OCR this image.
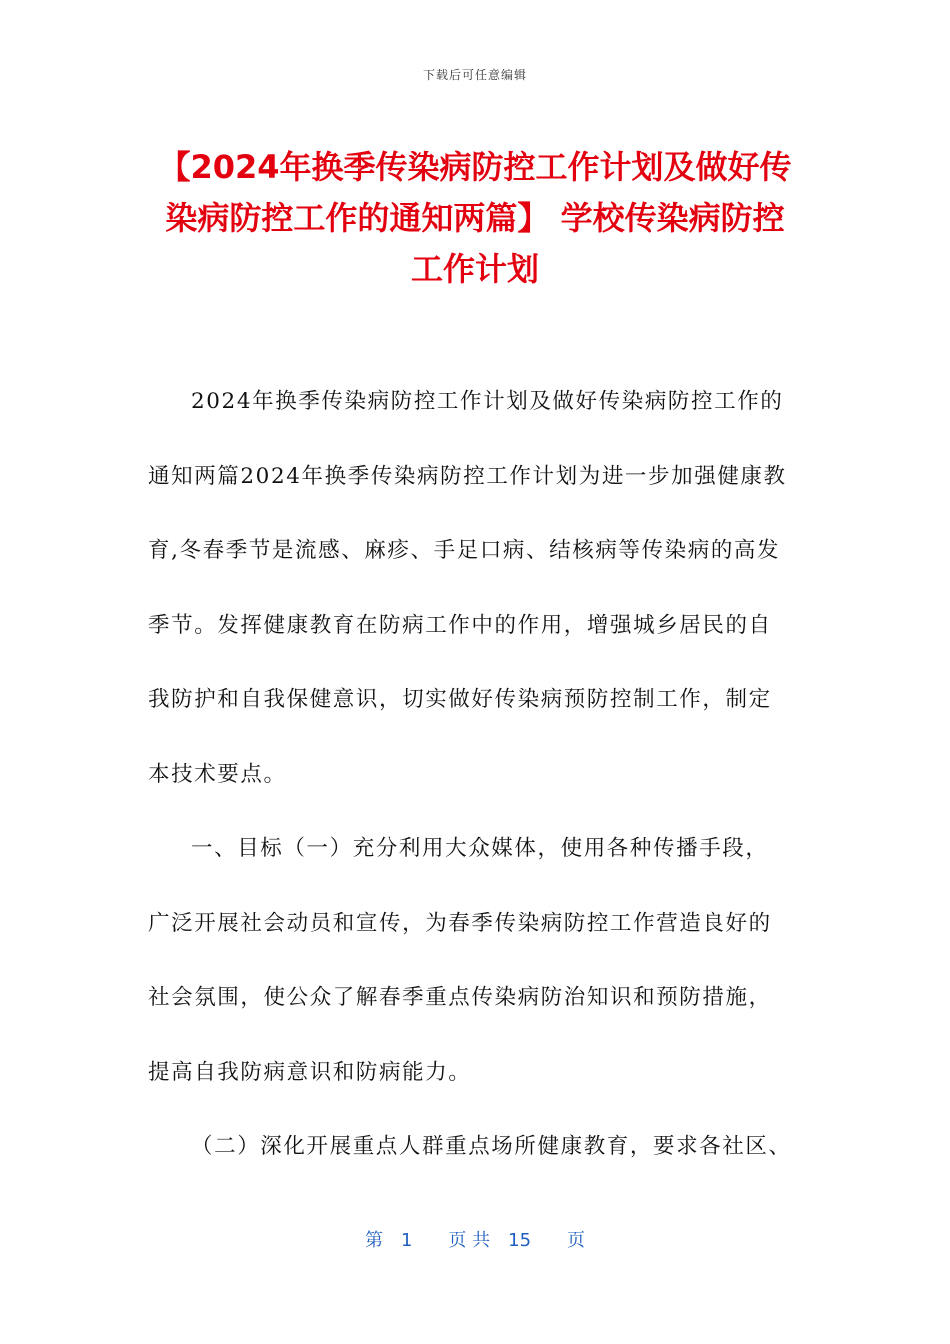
下载后可任意编辑
【2024年换季传染病防控工作计划及做好传
染病防控工作的通知两篇】 学校传染病防控
工作计划
2024年换季传染病防控工作计划及做好传染病防控工作的
通知两篇2024年换季传染病防控工作计划为进一步加强健康教
育,冬春季节是流感、麻疹、手足口病、结核病等传染病的高发
季节。发挥健康教育在防病工作中的作用，增强城乡居民的自
我防护和自我保健意识，切实做好传染病预防控制工作，制定
本技术要点。
一、目标（一）充分利用大众媒体，使用各种传播手段，
广泛开展社会动员和宣传，为春季传染病防控工作营造良好的
社会氛围，使公众了解春季重点传染病防治知识和预防措施，
提高自我防病意识和防病能力。
（二）深化开展重点人群重点场所健康教育，要求各社区、
第　1　　页 共　15　　页
